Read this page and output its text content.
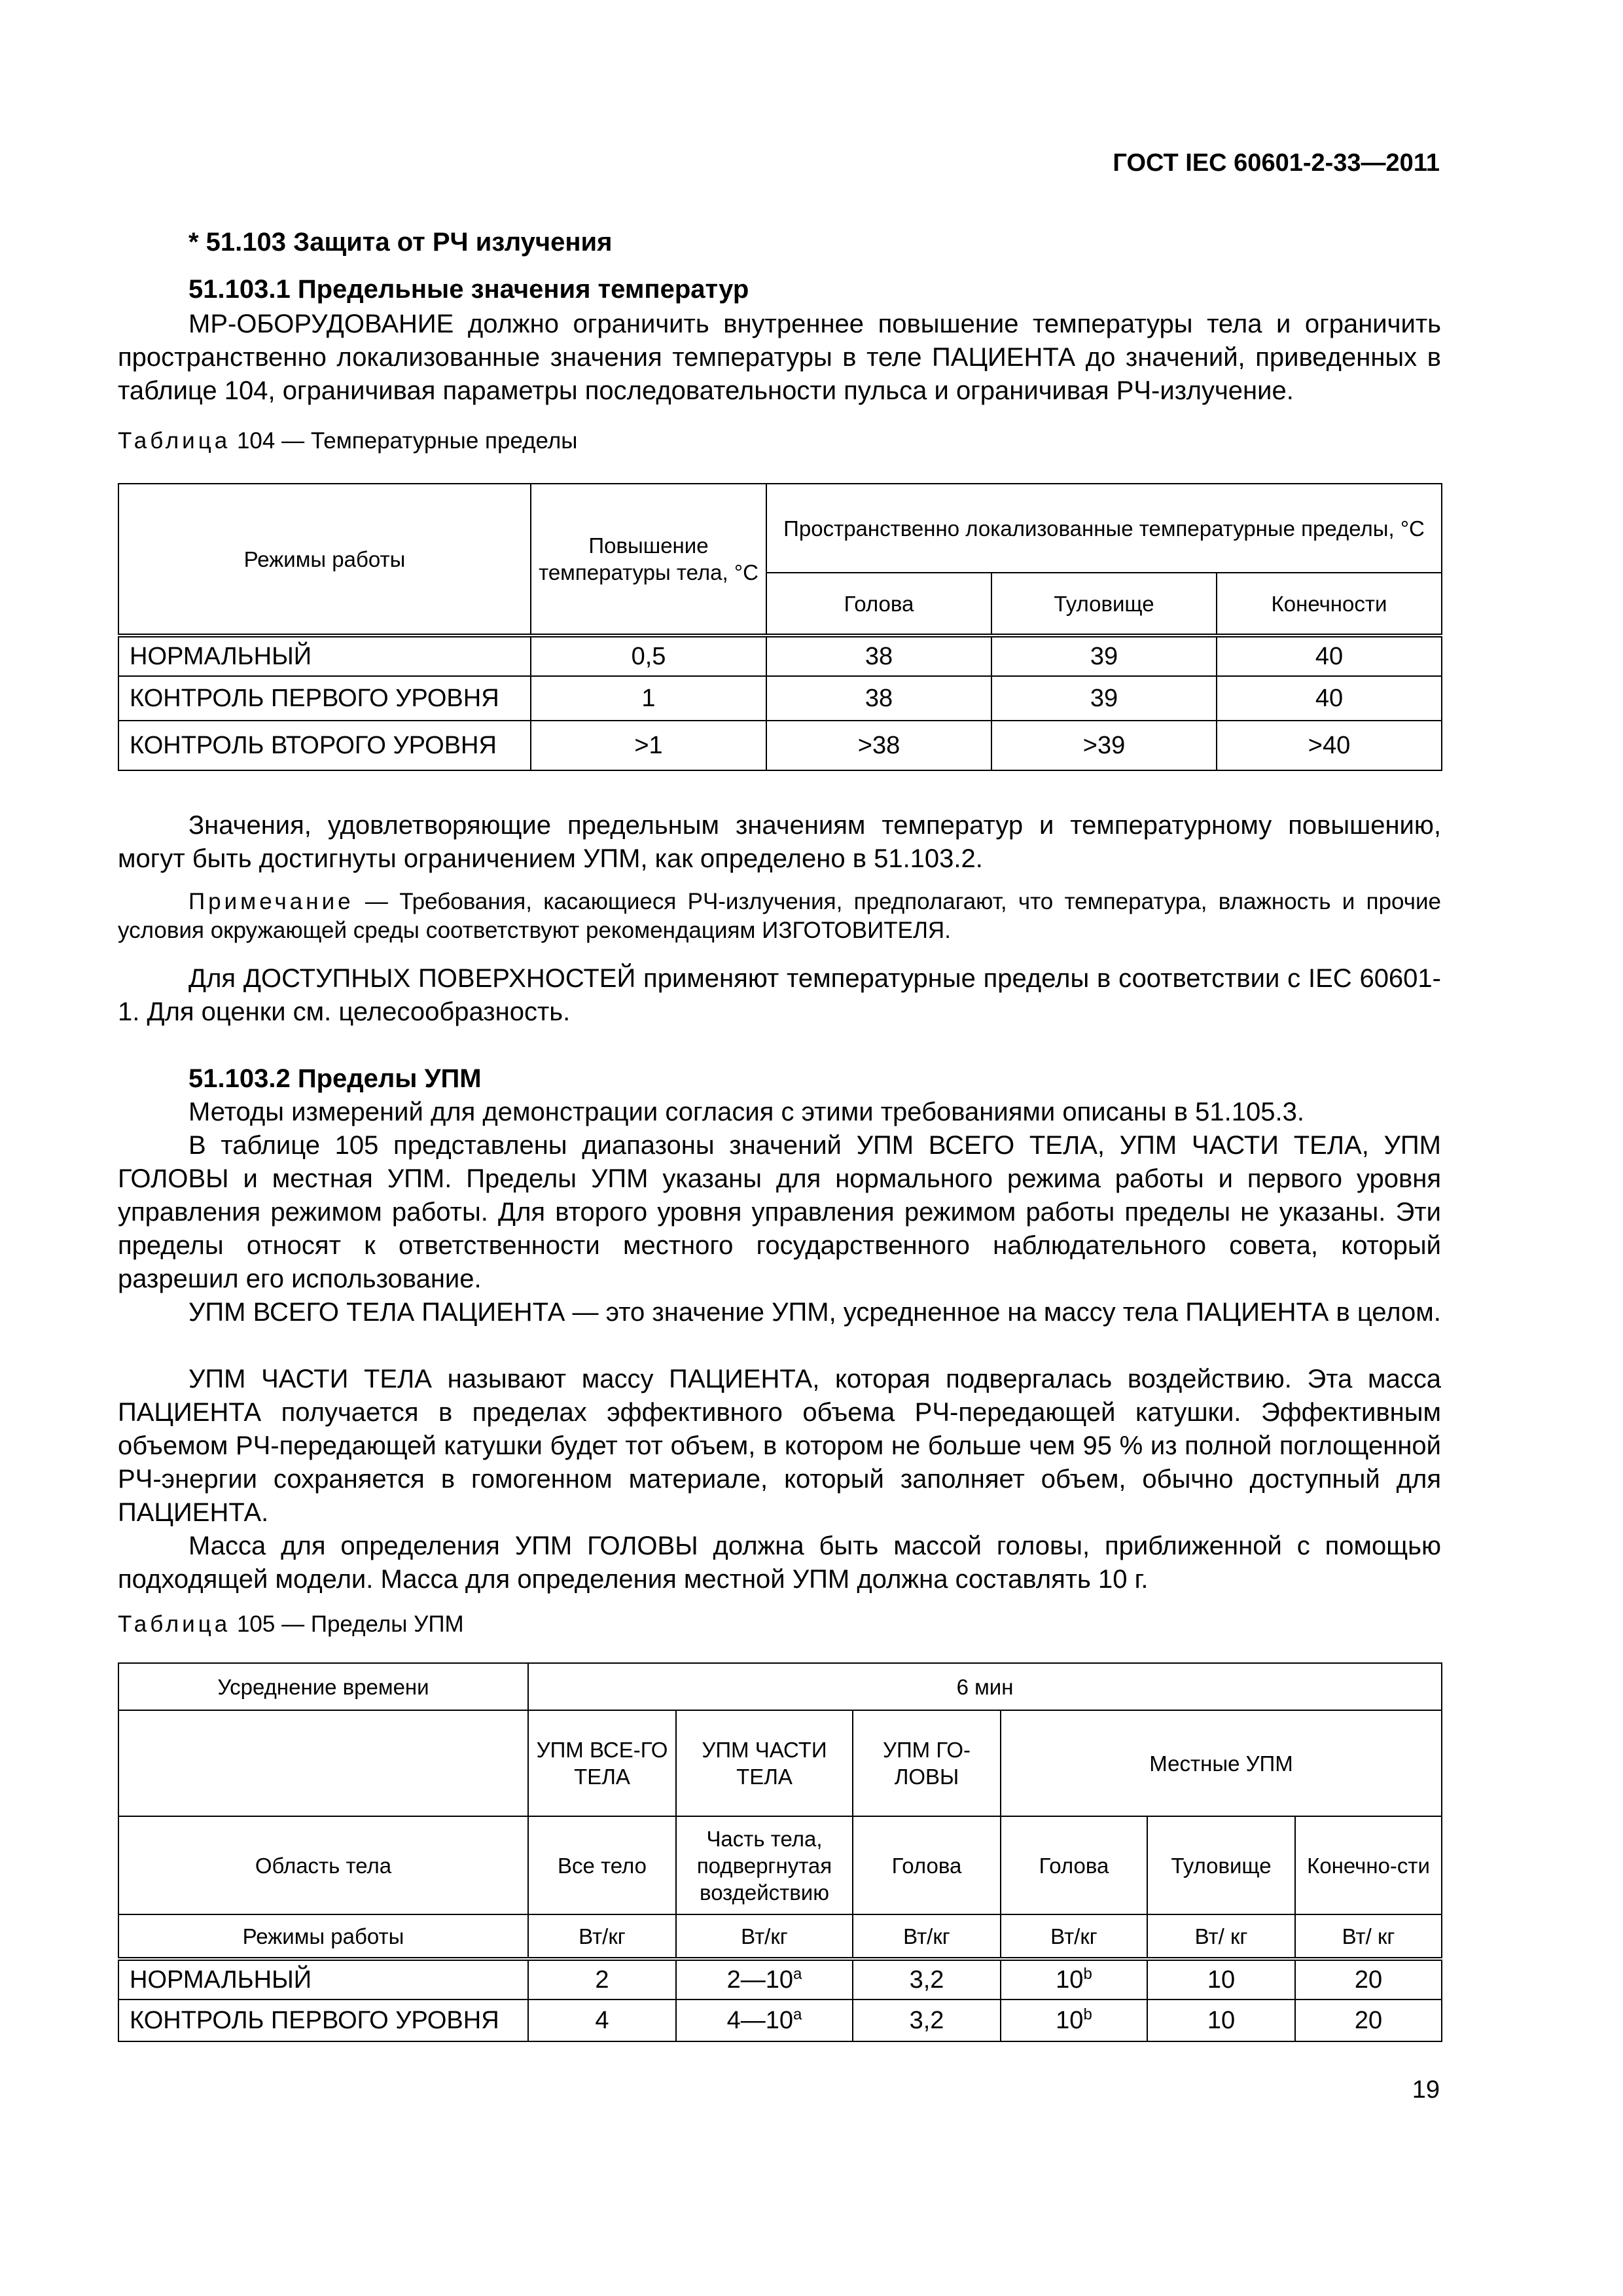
ГОСТ IEC 60601-2-33—2011
* 51.103 Защита от РЧ излучения
51.103.1 Предельные значения температур

МР-ОБОРУДОВАНИЕ должно ограничить внутреннее повышение температуры тела и ограничить пространственно локализованные значения температуры в теле ПАЦИЕНТА до значений, приведенных в таблице 104, ограничивая параметры последовательности пульса и ограничивая РЧ-излучение.

Таблица 104 — Температурные пределы
Режимы работы	Повышение температуры тела, °С	Пространственно локализованные температурные пределы, °С		
		Голова	Туловище	Конечности
НОРМАЛЬНЫЙ	0,5	38	39	40
КОНТРОЛЬ ПЕРВОГО УРОВНЯ	1	38	39	40
КОНТРОЛЬ ВТОРОГО УРОВНЯ	>1	>38	>39	>40

Значения, удовлетворяющие предельным значениям температур и температурному повышению, могут быть достигнуты ограничением УПМ, как определено в 51.103.2.

Примечание — Требования, касающиеся РЧ-излучения, предполагают, что температура, влажность и прочие условия окружающей среды соответствуют рекомендациям ИЗГОТОВИТЕЛЯ.

Для ДОСТУПНЫХ ПОВЕРХНОСТЕЙ применяют температурные пределы в соответствии с IEC 60601-1. Для оценки см. целесообразность.

51.103.2 Пределы УПМ

Методы измерений для демонстрации согласия с этими требованиями описаны в 51.105.3.

В таблице 105 представлены диапазоны значений УПМ ВСЕГО ТЕЛА, УПМ ЧАСТИ ТЕЛА, УПМ ГОЛОВЫ и местная УПМ. Пределы УПМ указаны для нормального режима работы и первого уровня управления режимом работы. Для второго уровня управления режимом работы пределы не указаны. Эти пределы относят к ответственности местного государственного наблюдательного совета, который разрешил его использование.

УПМ ВСЕГО ТЕЛА ПАЦИЕНТА — это значение УПМ, усредненное на массу тела ПАЦИЕНТА в целом.

УПМ ЧАСТИ ТЕЛА называют массу ПАЦИЕНТА, которая подвергалась воздействию. Эта масса ПАЦИЕНТА получается в пределах эффективного объема РЧ-передающей катушки. Эффективным объемом РЧ-передающей катушки будет тот объем, в котором не больше чем 95 % из полной поглощенной РЧ-энергии сохраняется в гомогенном материале, который заполняет объем, обычно доступный для ПАЦИЕНТА.

Масса для определения УПМ ГОЛОВЫ должна быть массой головы, приближенной с помощью подходящей модели. Масса для определения местной УПМ должна составлять 10 г.

Таблица 105 — Пределы УПМ
Усреднение времени	6 мин					
	УПМ ВСЕ-ГО ТЕЛА	УПМ ЧАСТИ ТЕЛА	УПМ ГО-ЛОВЫ	Местные УПМ		
Область тела	Все тело	Часть тела, подвергнутая воздействию	Голова	Голова	Туловище	Конечно-сти
Режимы работы	Вт/кг	Вт/кг	Вт/кг	Вт/кг	Вт/ кг	Вт/ кг
НОРМАЛЬНЫЙ	2	2—10$^a$	3,2	10$^b$	10	20
КОНТРОЛЬ ПЕРВОГО УРОВНЯ	4	4—10$^a$	3,2	10$^b$	10	20
19
